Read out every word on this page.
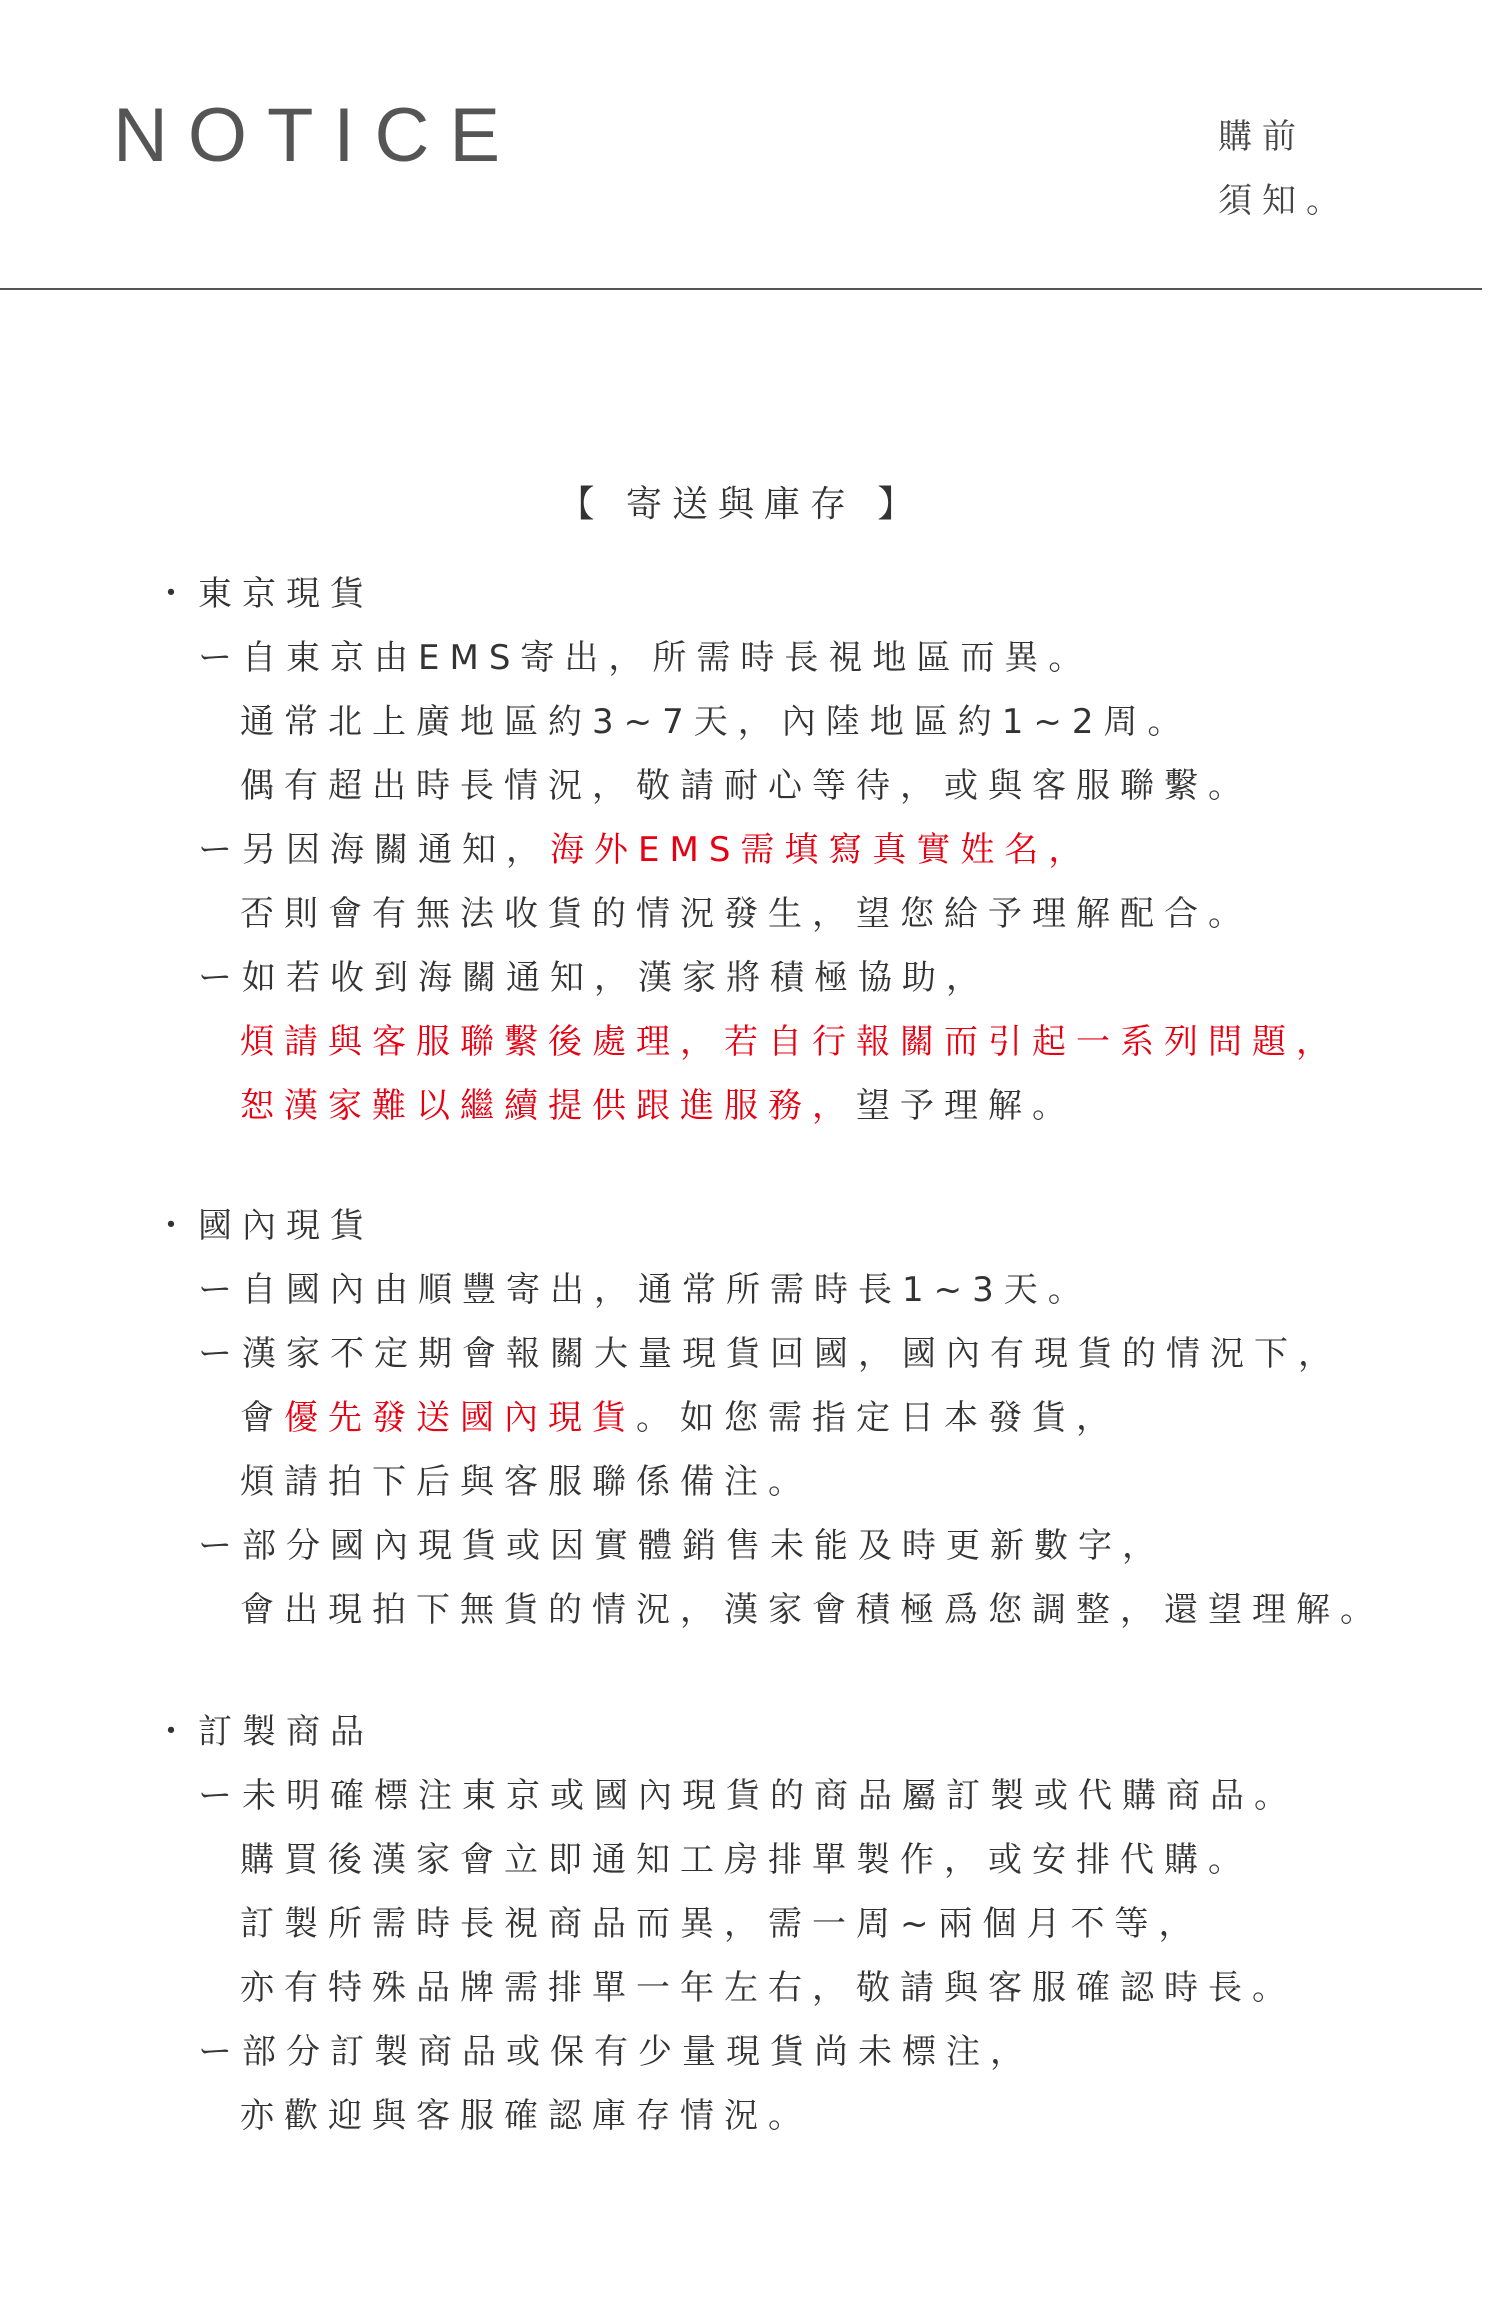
NOTICE	購前
須知。
【 寄送與庫存 】
・東京現貨
ー自東京由EMS寄出，所需時長視地區而異。
通常北上廣地區約3~7天，內陸地區約1~2周。
偶有超出時長情況，敬請耐心等待，或與客服聯繫。
ー另因海關通知，海外EMS需填寫真實姓名，
否則會有無法收貨的情況發生，望您給予理解配合。
ー如若收到海關通知，漢家將積極協助，
煩請與客服聯繫後處理，若自行報關而引起一系列問題，
恕漢家難以繼續提供跟進服務，望予理解。
・國內現貨
ー自國內由順豐寄出，通常所需時長1~3天。
ー漢家不定期會報關大量現貨回國，國內有現貨的情況下，
會優先發送國內現貨。如您需指定日本發貨，
煩請拍下后與客服聯係備注。
ー部分國內現貨或因實體銷售未能及時更新數字，
會出現拍下無貨的情況，漢家會積極爲您調整，還望理解。
・訂製商品
ー未明確標注東京或國內現貨的商品屬訂製或代購商品。
購買後漢家會立即通知工房排單製作，或安排代購。
訂製所需時長視商品而異，需一周~兩個月不等，
亦有特殊品牌需排單一年左右，敬請與客服確認時長。
ー部分訂製商品或保有少量現貨尚未標注，
亦歡迎與客服確認庫存情況。
